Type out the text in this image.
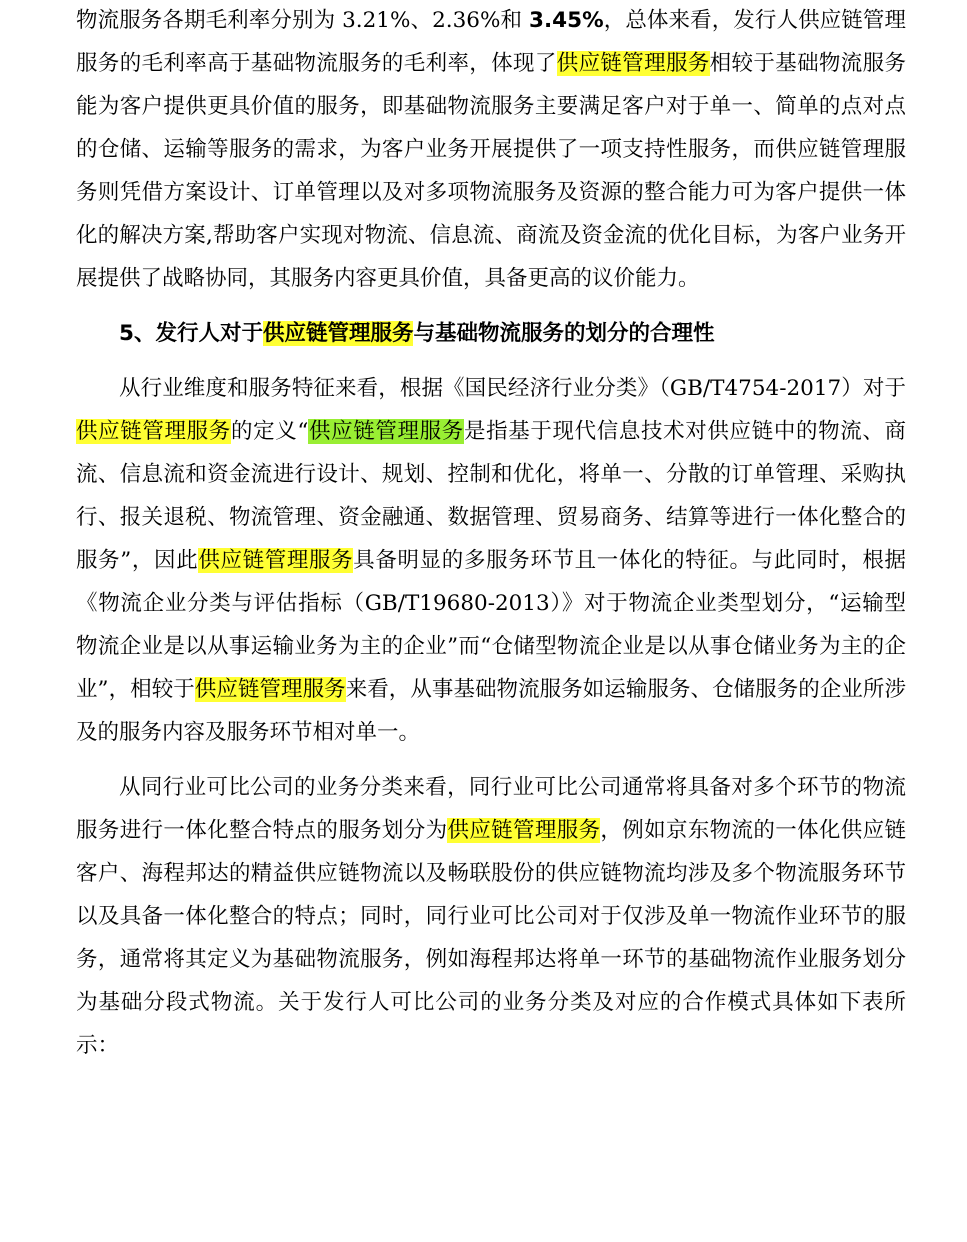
物流服务各期毛利率分别为 3.21%、2.36%和 3.45%，总体来看，发行人供应链管理服务的毛利率高于基础物流服务的毛利率，体现了供应链管理服务相较于基础物流服务能为客户提供更具价值的服务，即基础物流服务主要满足客户对于单一、简单的点对点的仓储、运输等服务的需求，为客户业务开展提供了一项支持性服务，而供应链管理服务则凭借方案设计、订单管理以及对多项物流服务及资源的整合能力可为客户提供一体化的解决方案,帮助客户实现对物流、信息流、商流及资金流的优化目标，为客户业务开展提供了战略协同，其服务内容更具价值，具备更高的议价能力。

5、发行人对于供应链管理服务与基础物流服务的划分的合理性

从行业维度和服务特征来看，根据《国民经济行业分类》（GB/T4754-2017）对于供应链管理服务的定义“供应链管理服务是指基于现代信息技术对供应链中的物流、商流、信息流和资金流进行设计、规划、控制和优化，将单一、分散的订单管理、采购执行、报关退税、物流管理、资金融通、数据管理、贸易商务、结算等进行一体化整合的服务”，因此供应链管理服务具备明显的多服务环节且一体化的特征。与此同时，根据《物流企业分类与评估指标（GB/T19680-2013）》对于物流企业类型划分，“运输型物流企业是以从事运输业务为主的企业”而“仓储型物流企业是以从事仓储业务为主的企业”，相较于供应链管理服务来看，从事基础物流服务如运输服务、仓储服务的企业所涉及的服务内容及服务环节相对单一。

从同行业可比公司的业务分类来看，同行业可比公司通常将具备对多个环节的物流服务进行一体化整合特点的服务划分为供应链管理服务，例如京东物流的一体化供应链客户、海程邦达的精益供应链物流以及畅联股份的供应链物流均涉及多个物流服务环节以及具备一体化整合的特点；同时，同行业可比公司对于仅涉及单一物流作业环节的服务，通常将其定义为基础物流服务，例如海程邦达将单一环节的基础物流作业服务划分为基础分段式物流。关于发行人可比公司的业务分类及对应的合作模式具体如下表所示：
